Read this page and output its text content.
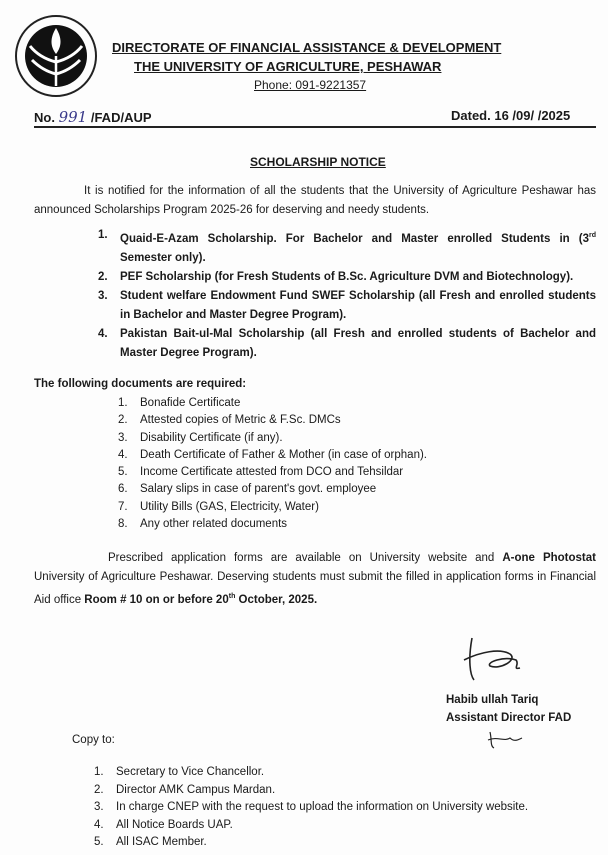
DIRECTORATE OF FINANCIAL ASSISTANCE & DEVELOPMENT
THE UNIVERSITY OF AGRICULTURE, PESHAWAR
Phone: 091-9221357
No. 991 /FAD/AUP	Dated. 16 /09/ /2025
SCHOLARSHIP NOTICE
It is notified for the information of all the students that the University of Agriculture Peshawar has announced Scholarships Program 2025-26 for deserving and needy students.
1.	Quaid-E-Azam Scholarship. For Bachelor and Master enrolled Students in (3rd Semester only).
2.	PEF Scholarship (for Fresh Students of B.Sc. Agriculture DVM and Biotechnology).
3.	Student welfare Endowment Fund SWEF Scholarship (all Fresh and enrolled students in Bachelor and Master Degree Program).
4.	Pakistan Bait-ul-Mal Scholarship (all Fresh and enrolled students of Bachelor and Master Degree Program).
The following documents are required:
1.	Bonafide Certificate
2.	Attested copies of Metric & F.Sc. DMCs
3.	Disability Certificate (if any).
4.	Death Certificate of Father & Mother (in case of orphan).
5.	Income Certificate attested from DCO and Tehsildar
6.	Salary slips in case of parent's govt. employee
7.	Utility Bills (GAS, Electricity, Water)
8.	Any other related documents
Prescribed application forms are available on University website and A-one Photostat University of Agriculture Peshawar. Deserving students must submit the filled in application forms in Financial Aid office Room # 10 on or before 20th October, 2025.
Habib ullah Tariq
Assistant Director FAD
Copy to:
1.	Secretary to Vice Chancellor.
2.	Director AMK Campus Mardan.
3.	In charge CNEP with the request to upload the information on University website.
4.	All Notice Boards UAP.
5.	All ISAC Member.
